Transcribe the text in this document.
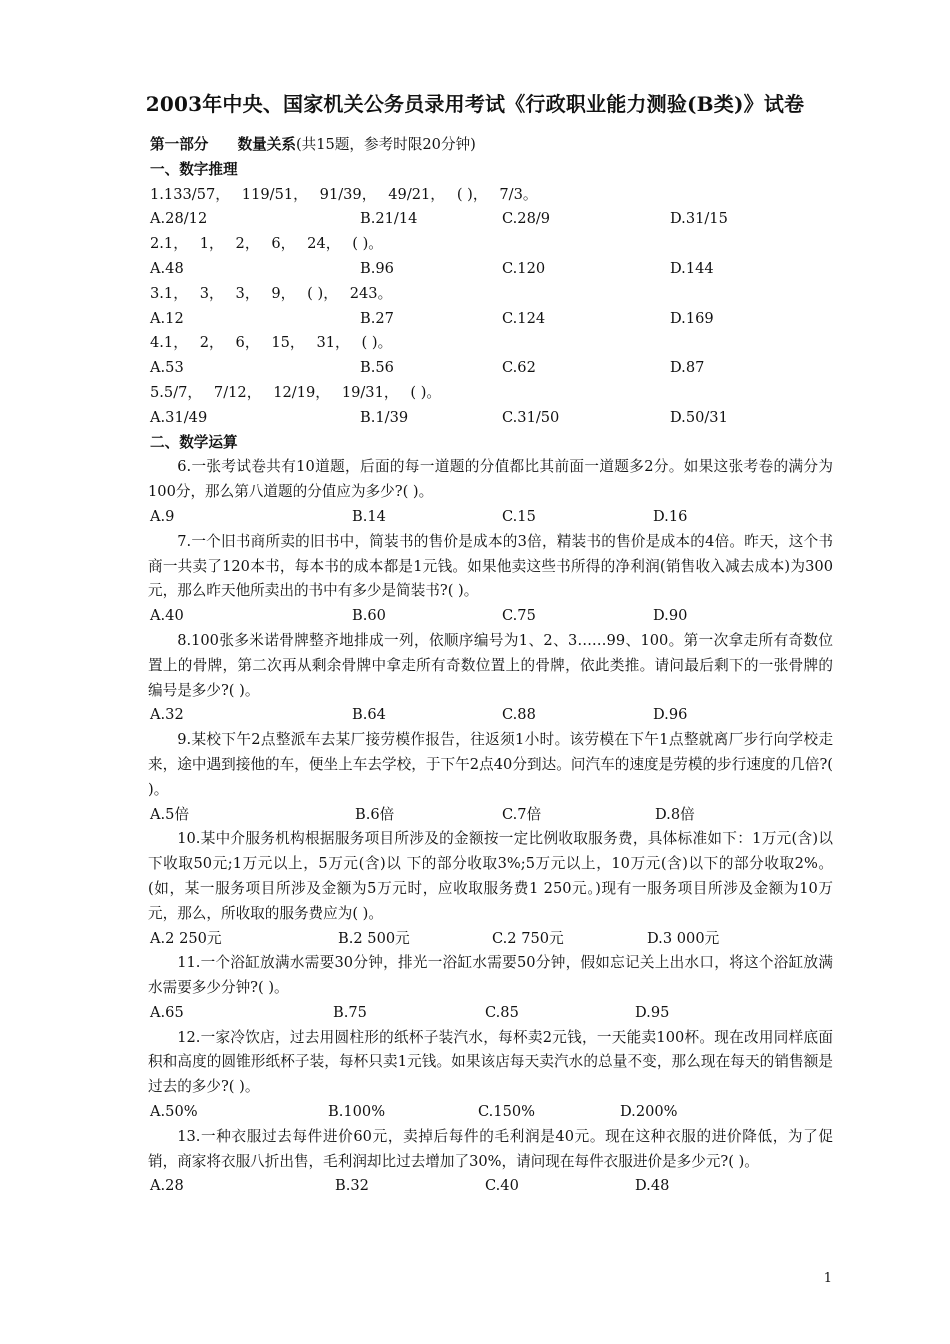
2003年中央、国家机关公务员录用考试《行政职业能力测验(B类)》试卷
第一部分　　数量关系(共15题，参考时限20分钟)
一、数字推理
1.133/57，　 119/51，　 91/39，　 49/21，　 ( )，　 7/3。
A.28/12	B.21/14	C.28/9	D.31/15
2.1，　 1，　 2，　 6，　 24，　 ( )。
A.48	B.96	C.120	D.144
3.1，　 3，　 3，　 9，　 ( )，　 243。
A.12	B.27	C.124	D.169
4.1，　 2，　 6，　 15，　 31，　 ( )。
A.53	B.56	C.62	D.87
5.5/7，　 7/12，　 12/19，　 19/31，　 ( )。
A.31/49	B.1/39	C.31/50	D.50/31
二、数学运算
6.一张考试卷共有10道题，后面的每一道题的分值都比其前面一道题多2分。如果这张考卷的满分为100分，那么第八道题的分值应为多少?( )。
A.9	B.14	C.15	D.16
7.一个旧书商所卖的旧书中，简装书的售价是成本的3倍，精装书的售价是成本的4倍。昨天，这个书商一共卖了120本书，每本书的成本都是1元钱。如果他卖这些书所得的净利润(销售收入减去成本)为300元，那么昨天他所卖出的书中有多少是简装书?( )。
A.40	B.60	C.75	D.90
8.100张多米诺骨牌整齐地排成一列，依顺序编号为1、2、3……99、100。第一次拿走所有奇数位置上的骨牌，第二次再从剩余骨牌中拿走所有奇数位置上的骨牌，依此类推。请问最后剩下的一张骨牌的编号是多少?( )。
A.32	B.64	C.88	D.96
9.某校下午2点整派车去某厂接劳模作报告，往返须1小时。该劳模在下午1点整就离厂步行向学校走来，途中遇到接他的车，便坐上车去学校，于下午2点40分到达。问汽车的速度是劳模的步行速度的几倍?( )。
A.5倍	B.6倍	C.7倍	D.8倍
10.某中介服务机构根据服务项目所涉及的金额按一定比例收取服务费，具体标准如下：1万元(含)以下收取50元;1万元以上，5万元(含)以 下的部分收取3%;5万元以上，10万元(含)以下的部分收取2%。(如，某一服务项目所涉及金额为5万元时，应收取服务费1 250元。)现有一服务项目所涉及金额为10万元，那么，所收取的服务费应为( )。
A.2 250元	B.2 500元	C.2 750元	D.3 000元
11.一个浴缸放满水需要30分钟，排光一浴缸水需要50分钟，假如忘记关上出水口，将这个浴缸放满水需要多少分钟?( )。
A.65	B.75	C.85	D.95
12.一家冷饮店，过去用圆柱形的纸杯子装汽水，每杯卖2元钱，一天能卖100杯。现在改用同样底面积和高度的圆锥形纸杯子装，每杯只卖1元钱。如果该店每天卖汽水的总量不变，那么现在每天的销售额是过去的多少?( )。
A.50%	B.100%	C.150%	D.200%
13.一种衣服过去每件进价60元，卖掉后每件的毛利润是40元。现在这种衣服的进价降低，为了促销，商家将衣服八折出售，毛利润却比过去增加了30%，请问现在每件衣服进价是多少元?( )。
A.28	B.32	C.40	D.48
1
